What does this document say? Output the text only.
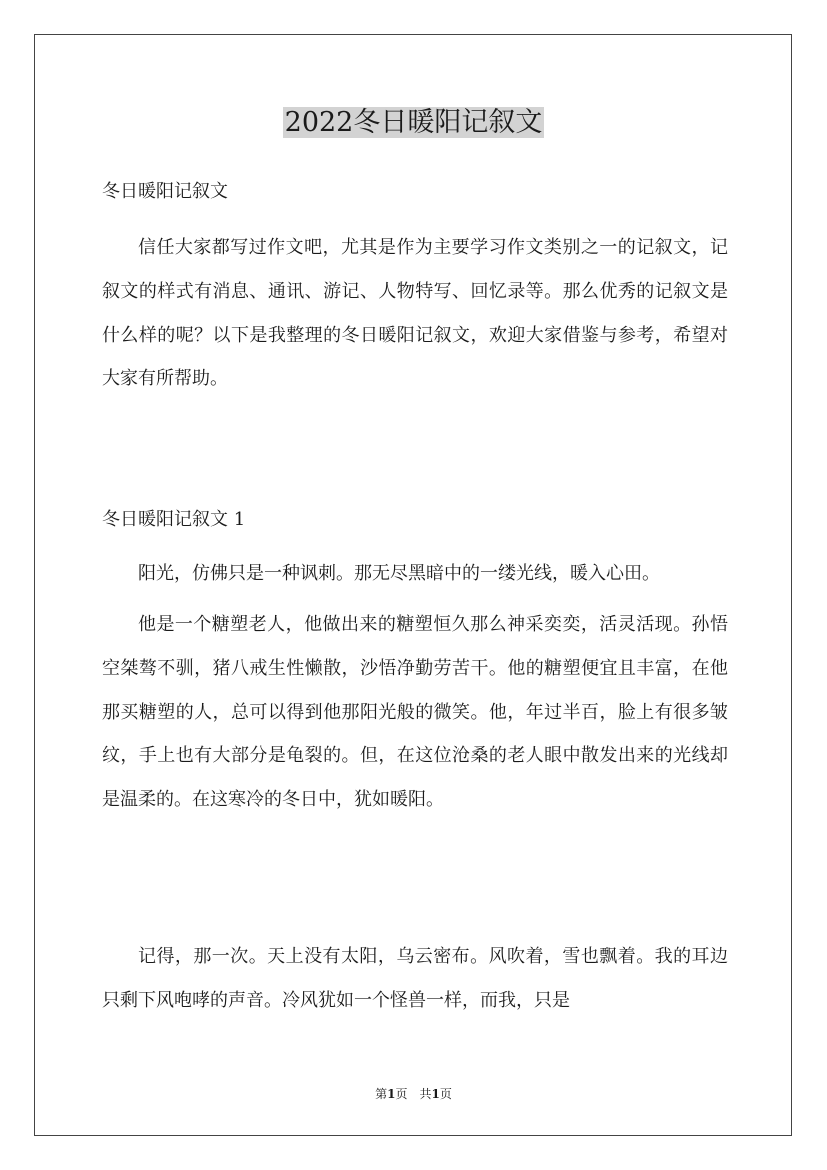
2022冬日暖阳记叙文
冬日暖阳记叙文

信任大家都写过作文吧，尤其是作为主要学习作文类别之一的记叙文，记叙文的样式有消息、通讯、游记、人物特写、回忆录等。那么优秀的记叙文是什么样的呢？以下是我整理的冬日暖阳记叙文，欢迎大家借鉴与参考，希望对大家有所帮助。

冬日暖阳记叙文 1

阳光，仿佛只是一种讽刺。那无尽黑暗中的一缕光线，暖入心田。

他是一个糖塑老人，他做出来的糖塑恒久那么神采奕奕，活灵活现。孙悟空桀骜不驯，猪八戒生性懒散，沙悟净勤劳苦干。他的糖塑便宜且丰富，在他那买糖塑的人，总可以得到他那阳光般的微笑。他，年过半百，脸上有很多皱纹，手上也有大部分是龟裂的。但，在这位沧桑的老人眼中散发出来的光线却是温柔的。在这寒冷的冬日中，犹如暖阳。

记得，那一次。天上没有太阳，乌云密布。风吹着，雪也飘着。我的耳边只剩下风咆哮的声音。冷风犹如一个怪兽一样，而我，只是

第1页　共1页
